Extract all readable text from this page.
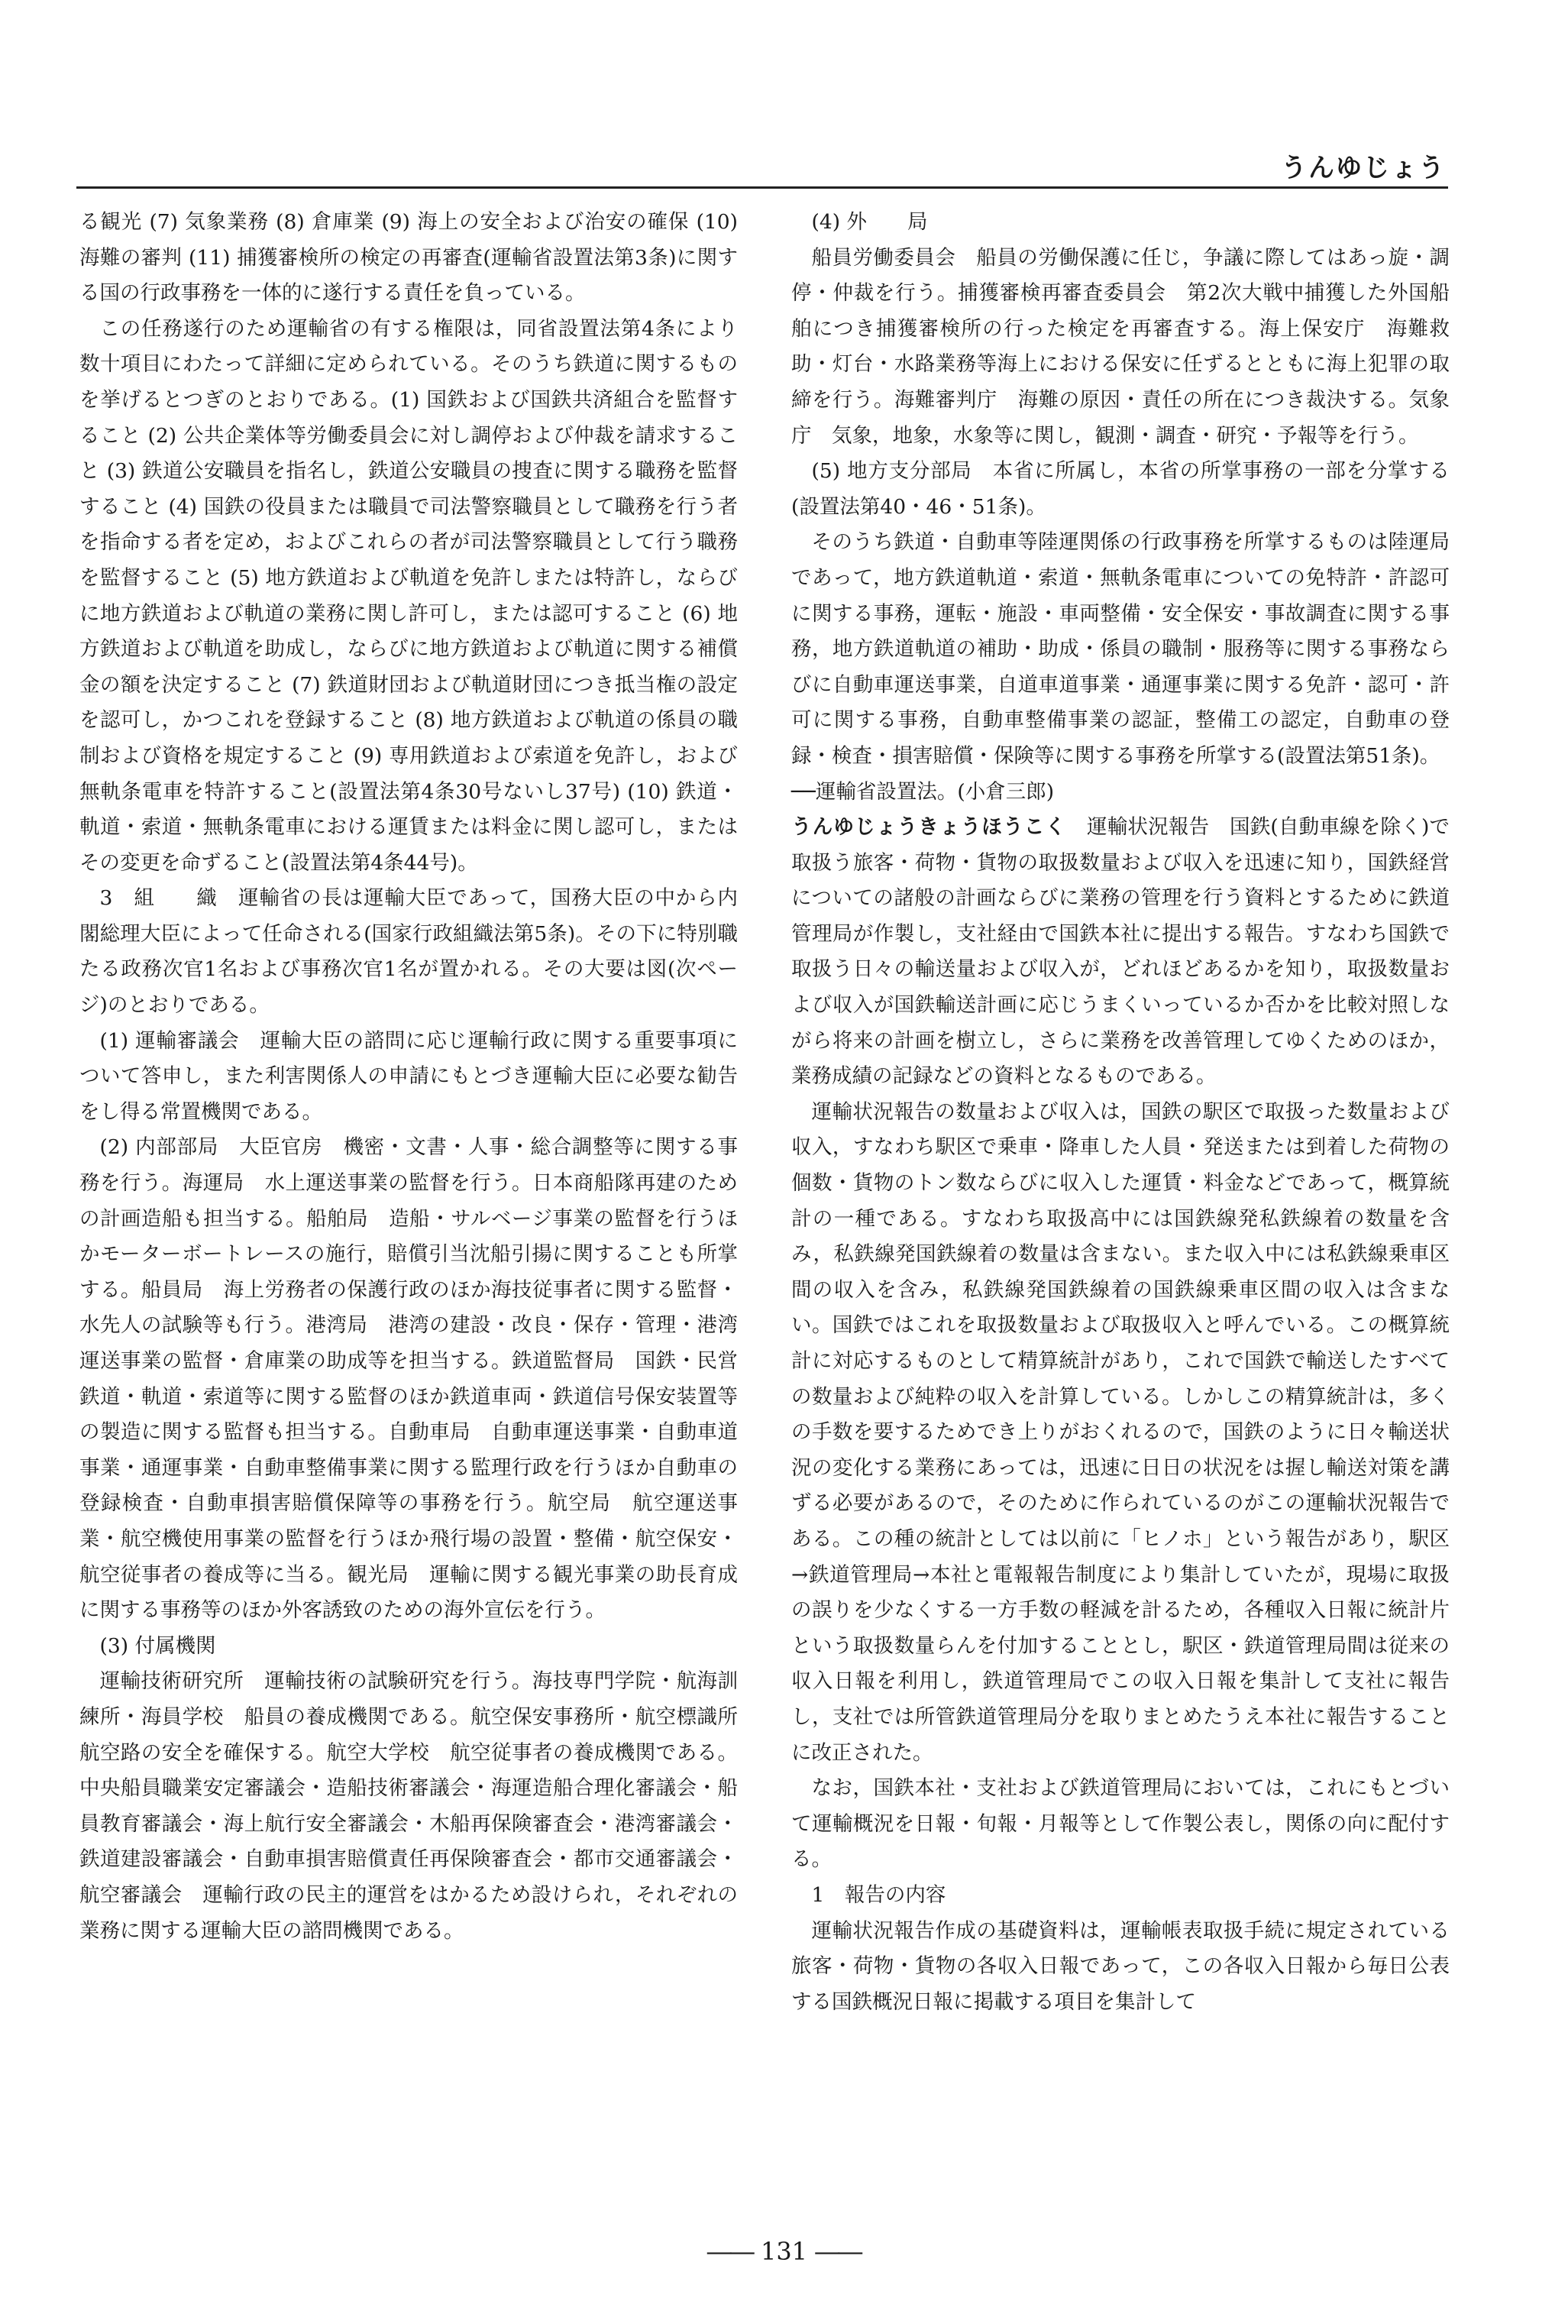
うんゆじょう

る観光 (7) 気象業務 (8) 倉庫業 (9) 海上の安全および治安の確保 (10) 海難の審判 (11) 捕獲審検所の検定の再審査(運輸省設置法第3条)に関する国の行政事務を一体的に遂行する責任を負っている。

この任務遂行のため運輸省の有する権限は，同省設置法第4条により数十項目にわたって詳細に定められている。そのうち鉄道に関するものを挙げるとつぎのとおりである。(1) 国鉄および国鉄共済組合を監督すること (2) 公共企業体等労働委員会に対し調停および仲裁を請求すること (3) 鉄道公安職員を指名し，鉄道公安職員の捜査に関する職務を監督すること (4) 国鉄の役員または職員で司法警察職員として職務を行う者を指命する者を定め，およびこれらの者が司法警察職員として行う職務を監督すること (5) 地方鉄道および軌道を免許しまたは特許し，ならびに地方鉄道および軌道の業務に関し許可し，または認可すること (6) 地方鉄道および軌道を助成し，ならびに地方鉄道および軌道に関する補償金の額を決定すること (7) 鉄道財団および軌道財団につき抵当権の設定を認可し，かつこれを登録すること (8) 地方鉄道および軌道の係員の職制および資格を規定すること (9) 専用鉄道および索道を免許し，および無軌条電車を特許すること(設置法第4条30号ないし37号) (10) 鉄道・軌道・索道・無軌条電車における運賃または料金に関し認可し，またはその変更を命ずること(設置法第4条44号)。

3　組　　織　運輸省の長は運輸大臣であって，国務大臣の中から内閣総理大臣によって任命される(国家行政組織法第5条)。その下に特別職たる政務次官1名および事務次官1名が置かれる。その大要は図(次ページ)のとおりである。

(1) 運輸審議会　運輸大臣の諮問に応じ運輸行政に関する重要事項について答申し，また利害関係人の申請にもとづき運輸大臣に必要な勧告をし得る常置機関である。

(2) 内部部局　大臣官房　機密・文書・人事・総合調整等に関する事務を行う。海運局　水上運送事業の監督を行う。日本商船隊再建のための計画造船も担当する。船舶局　造船・サルベージ事業の監督を行うほかモーターボートレースの施行，賠償引当沈船引揚に関することも所掌する。船員局　海上労務者の保護行政のほか海技従事者に関する監督・水先人の試験等も行う。港湾局　港湾の建設・改良・保存・管理・港湾運送事業の監督・倉庫業の助成等を担当する。鉄道監督局　国鉄・民営鉄道・軌道・索道等に関する監督のほか鉄道車両・鉄道信号保安装置等の製造に関する監督も担当する。自動車局　自動車運送事業・自動車道事業・通運事業・自動車整備事業に関する監理行政を行うほか自動車の登録検査・自動車損害賠償保障等の事務を行う。航空局　航空運送事業・航空機使用事業の監督を行うほか飛行場の設置・整備・航空保安・航空従事者の養成等に当る。観光局　運輸に関する観光事業の助長育成に関する事務等のほか外客誘致のための海外宣伝を行う。

(3) 付属機関

運輸技術研究所　運輸技術の試験研究を行う。海技専門学院・航海訓練所・海員学校　船員の養成機関である。航空保安事務所・航空標識所　航空路の安全を確保する。航空大学校　航空従事者の養成機関である。中央船員職業安定審議会・造船技術審議会・海運造船合理化審議会・船員教育審議会・海上航行安全審議会・木船再保険審査会・港湾審議会・鉄道建設審議会・自動車損害賠償責任再保険審査会・都市交通審議会・航空審議会　運輸行政の民主的運営をはかるため設けられ，それぞれの業務に関する運輸大臣の諮問機関である。

(4) 外　　局

船員労働委員会　船員の労働保護に任じ，争議に際してはあっ旋・調停・仲裁を行う。捕獲審検再審査委員会　第2次大戦中捕獲した外国船舶につき捕獲審検所の行った検定を再審査する。海上保安庁　海難救助・灯台・水路業務等海上における保安に任ずるとともに海上犯罪の取締を行う。海難審判庁　海難の原因・責任の所在につき裁決する。気象庁　気象，地象，水象等に関し，観測・調査・研究・予報等を行う。

(5) 地方支分部局　本省に所属し，本省の所掌事務の一部を分掌する(設置法第40・46・51条)。

そのうち鉄道・自動車等陸運関係の行政事務を所掌するものは陸運局であって，地方鉄道軌道・索道・無軌条電車についての免特許・許認可に関する事務，運転・施設・車両整備・安全保安・事故調査に関する事務，地方鉄道軌道の補助・助成・係員の職制・服務等に関する事務ならびに自動車運送事業，自道車道事業・通運事業に関する免許・認可・許可に関する事務，自動車整備事業の認証，整備工の認定，自動車の登録・検査・損害賠償・保険等に関する事務を所掌する(設置法第51条)。

──運輸省設置法。(小倉三郎)

うんゆじょうきょうほうこく　 運輸状況報告　国鉄(自動車線を除く)で取扱う旅客・荷物・貨物の取扱数量および収入を迅速に知り，国鉄経営についての諸般の計画ならびに業務の管理を行う資料とするために鉄道管理局が作製し，支社経由で国鉄本社に提出する報告。すなわち国鉄で取扱う日々の輸送量および収入が，どれほどあるかを知り，取扱数量および収入が国鉄輸送計画に応じうまくいっているか否かを比較対照しながら将来の計画を樹立し，さらに業務を改善管理してゆくためのほか，業務成績の記録などの資料となるものである。

運輸状況報告の数量および収入は，国鉄の駅区で取扱った数量および収入，すなわち駅区で乗車・降車した人員・発送または到着した荷物の個数・貨物のトン数ならびに収入した運賃・料金などであって，概算統計の一種である。すなわち取扱高中には国鉄線発私鉄線着の数量を含み，私鉄線発国鉄線着の数量は含まない。また収入中には私鉄線乗車区間の収入を含み，私鉄線発国鉄線着の国鉄線乗車区間の収入は含まない。国鉄ではこれを取扱数量および取扱収入と呼んでいる。この概算統計に対応するものとして精算統計があり，これで国鉄で輸送したすべての数量および純粋の収入を計算している。しかしこの精算統計は，多くの手数を要するためでき上りがおくれるので，国鉄のように日々輸送状況の変化する業務にあっては，迅速に日日の状況をは握し輸送対策を講ずる必要があるので，そのために作られているのがこの運輸状況報告である。この種の統計としては以前に「ヒノホ」という報告があり，駅区→鉄道管理局→本社と電報報告制度により集計していたが，現場に取扱の誤りを少なくする一方手数の軽減を計るため，各種収入日報に統計片という取扱数量らんを付加することとし，駅区・鉄道管理局間は従来の収入日報を利用し，鉄道管理局でこの収入日報を集計して支社に報告し，支社では所管鉄道管理局分を取りまとめたうえ本社に報告することに改正された。

なお，国鉄本社・支社および鉄道管理局においては，これにもとづいて運輸概況を日報・旬報・月報等として作製公表し，関係の向に配付する。

1　報告の内容

運輸状況報告作成の基礎資料は，運輸帳表取扱手続に規定されている旅客・荷物・貨物の各収入日報であって，この各収入日報から毎日公表する国鉄概況日報に掲載する項目を集計して

―― 131 ――
